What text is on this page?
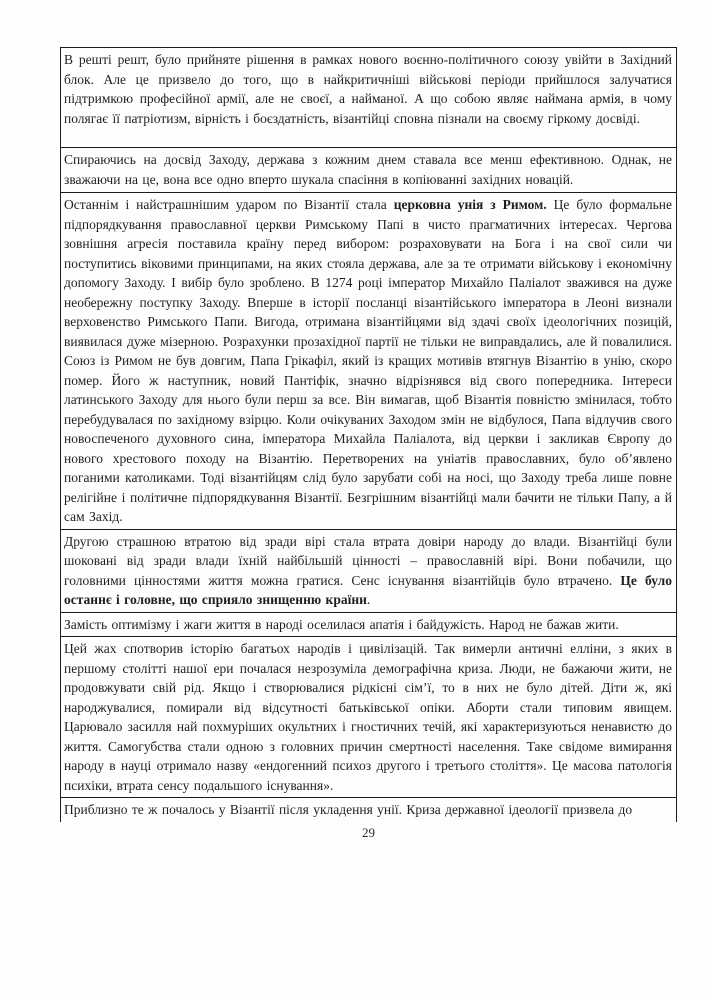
В решті решт, було прийняте рішення в рамках нового воєнно-політичного союзу увійти в Західний блок. Але це призвело до того, що в найкритичніші військові періоди прийшлося залучатися підтримкою професійної армії, але не своєї, а найманої. А що собою являє наймана армія, в чому полягає її патріотизм, вірність і боєздатність, візантійці сповна пізнали на своєму гіркому досвіді.
Спираючись на досвід Заходу, держава з кожним днем ставала все менш ефективною. Однак, не зважаючи на це, вона все одно вперто шукала спасіння в копіюванні західних новацій.
Останнім і найстрашнішим ударом по Візантії стала церковна унія з Римом. Це було формальне підпорядкування православної церкви Римському Папі в чисто прагматичних інтересах. Чергова зовнішня агресія поставила країну перед вибором: розраховувати на Бога і на свої сили чи поступитись віковими принципами, на яких стояла держава, але за те отримати військову і економічну допомогу Заходу. І вибір було зроблено. В 1274 році імператор Михайло Паліалот зважився на дуже необережну поступку Заходу. Вперше в історії посланці візантійського імператора в Леоні визнали верховенство Римського Папи. Вигода, отримана візантійцями від здачі своїх ідеологічних позицій, виявилася дуже мізерною. Розрахунки прозахідної партії не тільки не виправдались, але й повалилися. Союз із Римом не був довгим, Папа Грікафіл, який із кращих мотивів втягнув Візантію в унію, скоро помер. Його ж наступник, новий Пантіфік, значно відрізнявся від свого попередника. Інтереси латинського Заходу для нього були перш за все. Він вимагав, щоб Візантія повністю змінилася, тобто перебудувалася по західному взірцю. Коли очікуваних Заходом змін не відбулося, Папа відлучив свого новоспеченого духовного сина, імператора Михайла Паліалота, від церкви і закликав Європу до нового хрестового походу на Візантію. Перетворених на уніатів православних, було об’явлено поганими католиками. Тоді візантійцям слід було зарубати собі на носі, що Заходу треба лише повне релігійне і політичне підпорядкування Візантії. Безгрішним візантійці мали бачити не тільки Папу, а й сам Захід.
Другою страшною втратою від зради вірі стала втрата довіри народу до влади. Візантійці були шоковані від зради влади їхній найбільшій цінності – православній вірі. Вони побачили, що головними цінностями життя можна гратися. Сенс існування візантійців було втрачено. Це було останнє і головне, що сприяло знищенню країни.
Замість оптимізму і жаги життя в народі оселилася апатія і байдужість. Народ не бажав жити.
Цей жах спотворив історію багатьох народів і цивілізацій. Так вимерли античні елліни, з яких в першому столітті нашої ери почалася незрозуміла демографічна криза. Люди, не бажаючи жити, не продовжувати свій рід. Якщо і створювалися рідкісні сім’ї, то в них не було дітей. Діти ж, які народжувалися, помирали від відсутності батьківської опіки. Аборти стали типовим явищем. Царювало засилля най похмуріших окультних і гностичних течій, які характеризуються ненавистю до життя. Самогубства стали одною з головних причин смертності населення. Таке свідоме вимирання народу в науці отримало назву «ендогенний психоз другого і третього століття». Це масова патологія психіки, втрата сенсу подальшого існування».
Приблизно те ж почалось у Візантії після укладення унії. Криза державної ідеології призвела до
29
